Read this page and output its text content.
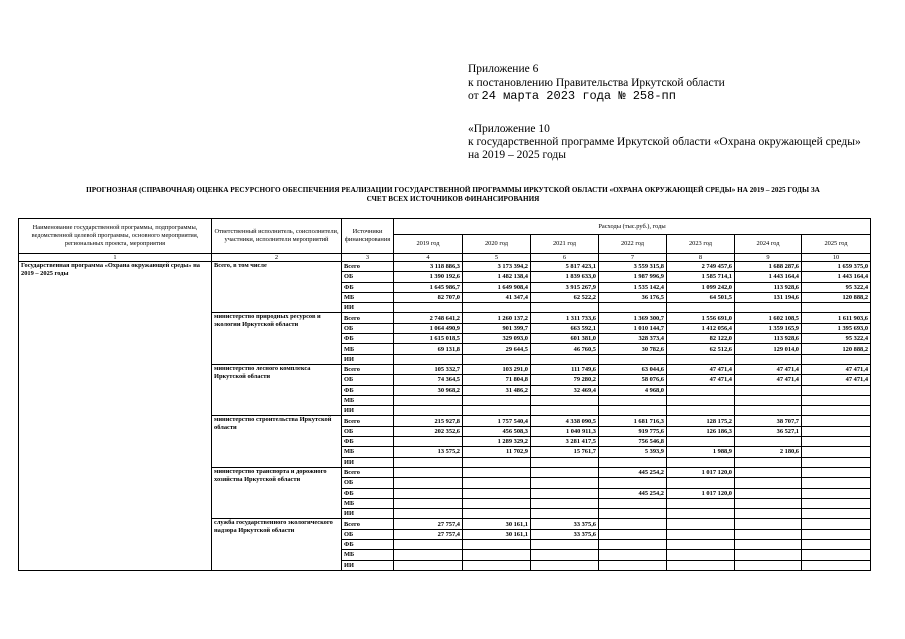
Приложение 6
к постановлению Правительства Иркутской области
от 24 марта 2023 года № 258-пп
«Приложение 10
к государственной программе Иркутской области «Охрана окружающей среды»
на 2019 – 2025 годы
ПРОГНОЗНАЯ (СПРАВОЧНАЯ) ОЦЕНКА РЕСУРСНОГО ОБЕСПЕЧЕНИЯ РЕАЛИЗАЦИИ ГОСУДАРСТВЕННОЙ ПРОГРАММЫ ИРКУТСКОЙ ОБЛАСТИ «ОХРАНА ОКРУЖАЮЩЕЙ СРЕДЫ» НА 2019 – 2025 ГОДЫ ЗА
СЧЕТ ВСЕХ ИСТОЧНИКОВ ФИНАНСИРОВАНИЯ
Наименование государственной программы, подпрограммы, ведомственной целевой программы, основного мероприятия, региональных проекта, мероприятия	Ответственный исполнитель, соисполнители, участники, исполнители мероприятий	Источники финансирования	Расходы (тыс.руб.), годы						
			2019 год	2020 год	2021 год	2022 год	2023 год	2024 год	2025 год
1	2	3	4	5	6	7	8	9	10
Государственная программа «Охрана окружающей среды» на 2019 – 2025 годы	Всего, в том числе	Всего	3 118 886,3	3 173 394,2	5 817 423,1	3 559 315,8	2 749 457,6	1 688 287,6	1 659 375,0
		ОБ	1 390 192,6	1 482 138,4	1 839 633,0	1 987 996,9	1 585 714,1	1 443 164,4	1 443 164,4
		ФБ	1 645 986,7	1 649 908,4	3 915 267,9	1 535 142,4	1 099 242,0	113 928,6	95 322,4
		МБ	82 707,0	41 347,4	62 522,2	36 176,5	64 501,5	131 194,6	120 888,2
		ИИ							
	министерство природных ресурсов и экологии Иркутской области	Всего	2 748 641,2	1 260 137,2	1 311 733,6	1 369 300,7	1 556 691,0	1 602 108,5	1 611 903,6
		ОБ	1 064 490,9	901 399,7	663 592,1	1 010 144,7	1 412 056,4	1 359 165,9	1 395 693,0
		ФБ	1 615 018,5	329 093,0	601 381,0	328 373,4	82 122,0	113 928,6	95 322,4
		МБ	69 131,8	29 644,5	46 760,5	30 782,6	62 512,6	129 014,0	120 888,2
		ИИ							
	министерство лесного комплекса Иркутской области	Всего	105 332,7	103 291,0	111 749,6	63 044,6	47 471,4	47 471,4	47 471,4
		ОБ	74 364,5	71 804,8	79 280,2	58 076,6	47 471,4	47 471,4	47 471,4
		ФБ	30 968,2	31 486,2	32 469,4	4 968,0			
		МБ							
		ИИ							
	министерство строительства Иркутской области	Всего	215 927,8	1 757 540,4	4 338 090,5	1 681 716,3	128 175,2	38 707,7	
		ОБ	202 352,6	456 508,3	1 040 911,3	919 775,6	126 186,3	36 527,1	
		ФБ		1 289 329,2	3 281 417,5	756 546,8			
		МБ	13 575,2	11 702,9	15 761,7	5 393,9	1 988,9	2 180,6	
		ИИ							
	министерство транспорта и дорожного хозяйства Иркутской области	Всего				445 254,2	1 017 120,0		
		ОБ							
		ФБ				445 254,2	1 017 120,0		
		МБ							
		ИИ							
	служба государственного экологического надзора Иркутской области	Всего	27 757,4	30 161,1	33 375,6				
		ОБ	27 757,4	30 161,1	33 375,6				
		ФБ							
		МБ							
		ИИ							
